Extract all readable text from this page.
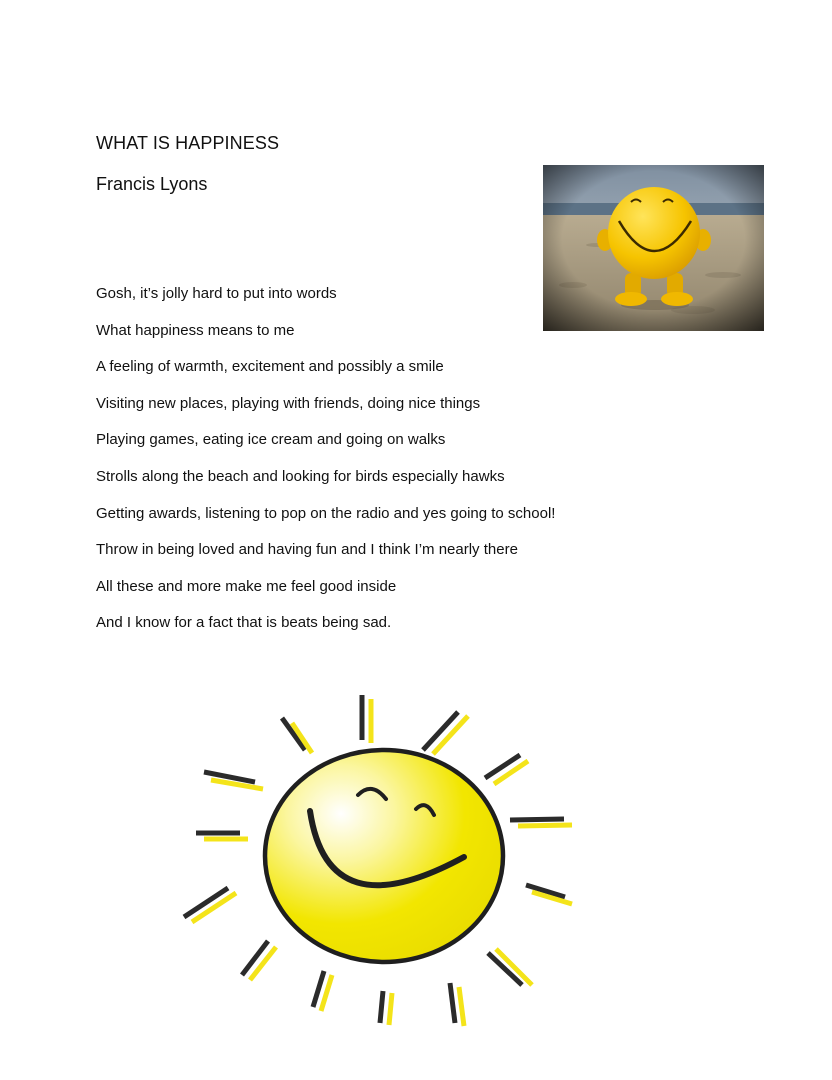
WHAT IS HAPPINESS
Francis Lyons
Gosh, it’s jolly hard to put into words
What happiness means to me
A feeling of warmth, excitement and possibly a smile
Visiting new places, playing with friends, doing nice things
Playing games, eating ice cream and going on walks
Strolls along the beach and looking for birds especially hawks
Getting awards, listening to pop on the radio and yes going to school!
Throw in being loved and having fun and I think I’m nearly there
All these and more make me feel good inside
And I know for a fact that is beats being sad.
